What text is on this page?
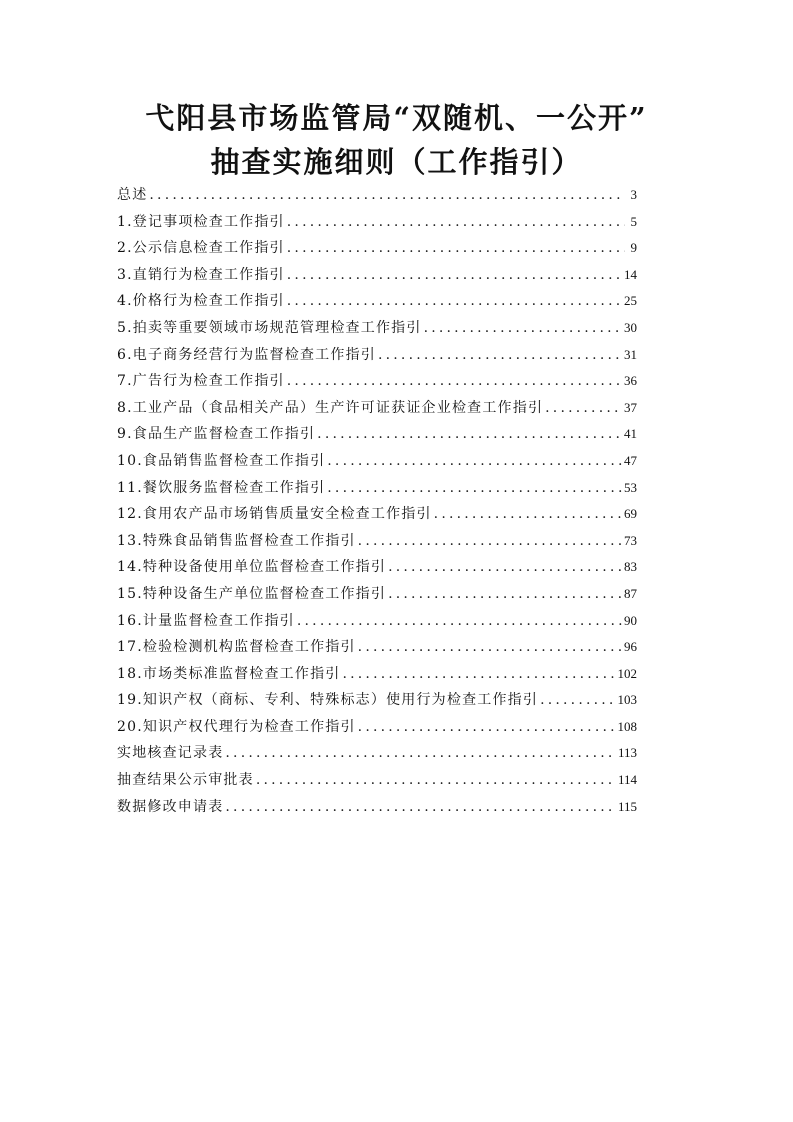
弋阳县市场监管局“双随机、一公开”
抽查实施细则（工作指引）
总述 .....	3
1.登记事项检查工作指引 .....	5
2.公示信息检查工作指引 .....	9
3.直销行为检查工作指引 .....	14
4.价格行为检查工作指引 .....	25
5.拍卖等重要领域市场规范管理检查工作指引 .....	30
6.电子商务经营行为监督检查工作指引 .....	31
7.广告行为检查工作指引 .....	36
8.工业产品（食品相关产品）生产许可证获证企业检查工作指引 .....	37
9.食品生产监督检查工作指引 .....	41
10.食品销售监督检查工作指引 .....	47
11.餐饮服务监督检查工作指引 .....	53
12.食用农产品市场销售质量安全检查工作指引 .....	69
13.特殊食品销售监督检查工作指引 .....	73
14.特种设备使用单位监督检查工作指引 .....	83
15.特种设备生产单位监督检查工作指引 .....	87
16.计量监督检查工作指引 .....	90
17.检验检测机构监督检查工作指引 .....	96
18.市场类标准监督检查工作指引 .....	102
19.知识产权（商标、专利、特殊标志）使用行为检查工作指引 .....	103
20.知识产权代理行为检查工作指引 .....	108
实地核查记录表 .....	113
抽查结果公示审批表 .....	114
数据修改申请表 .....	115
